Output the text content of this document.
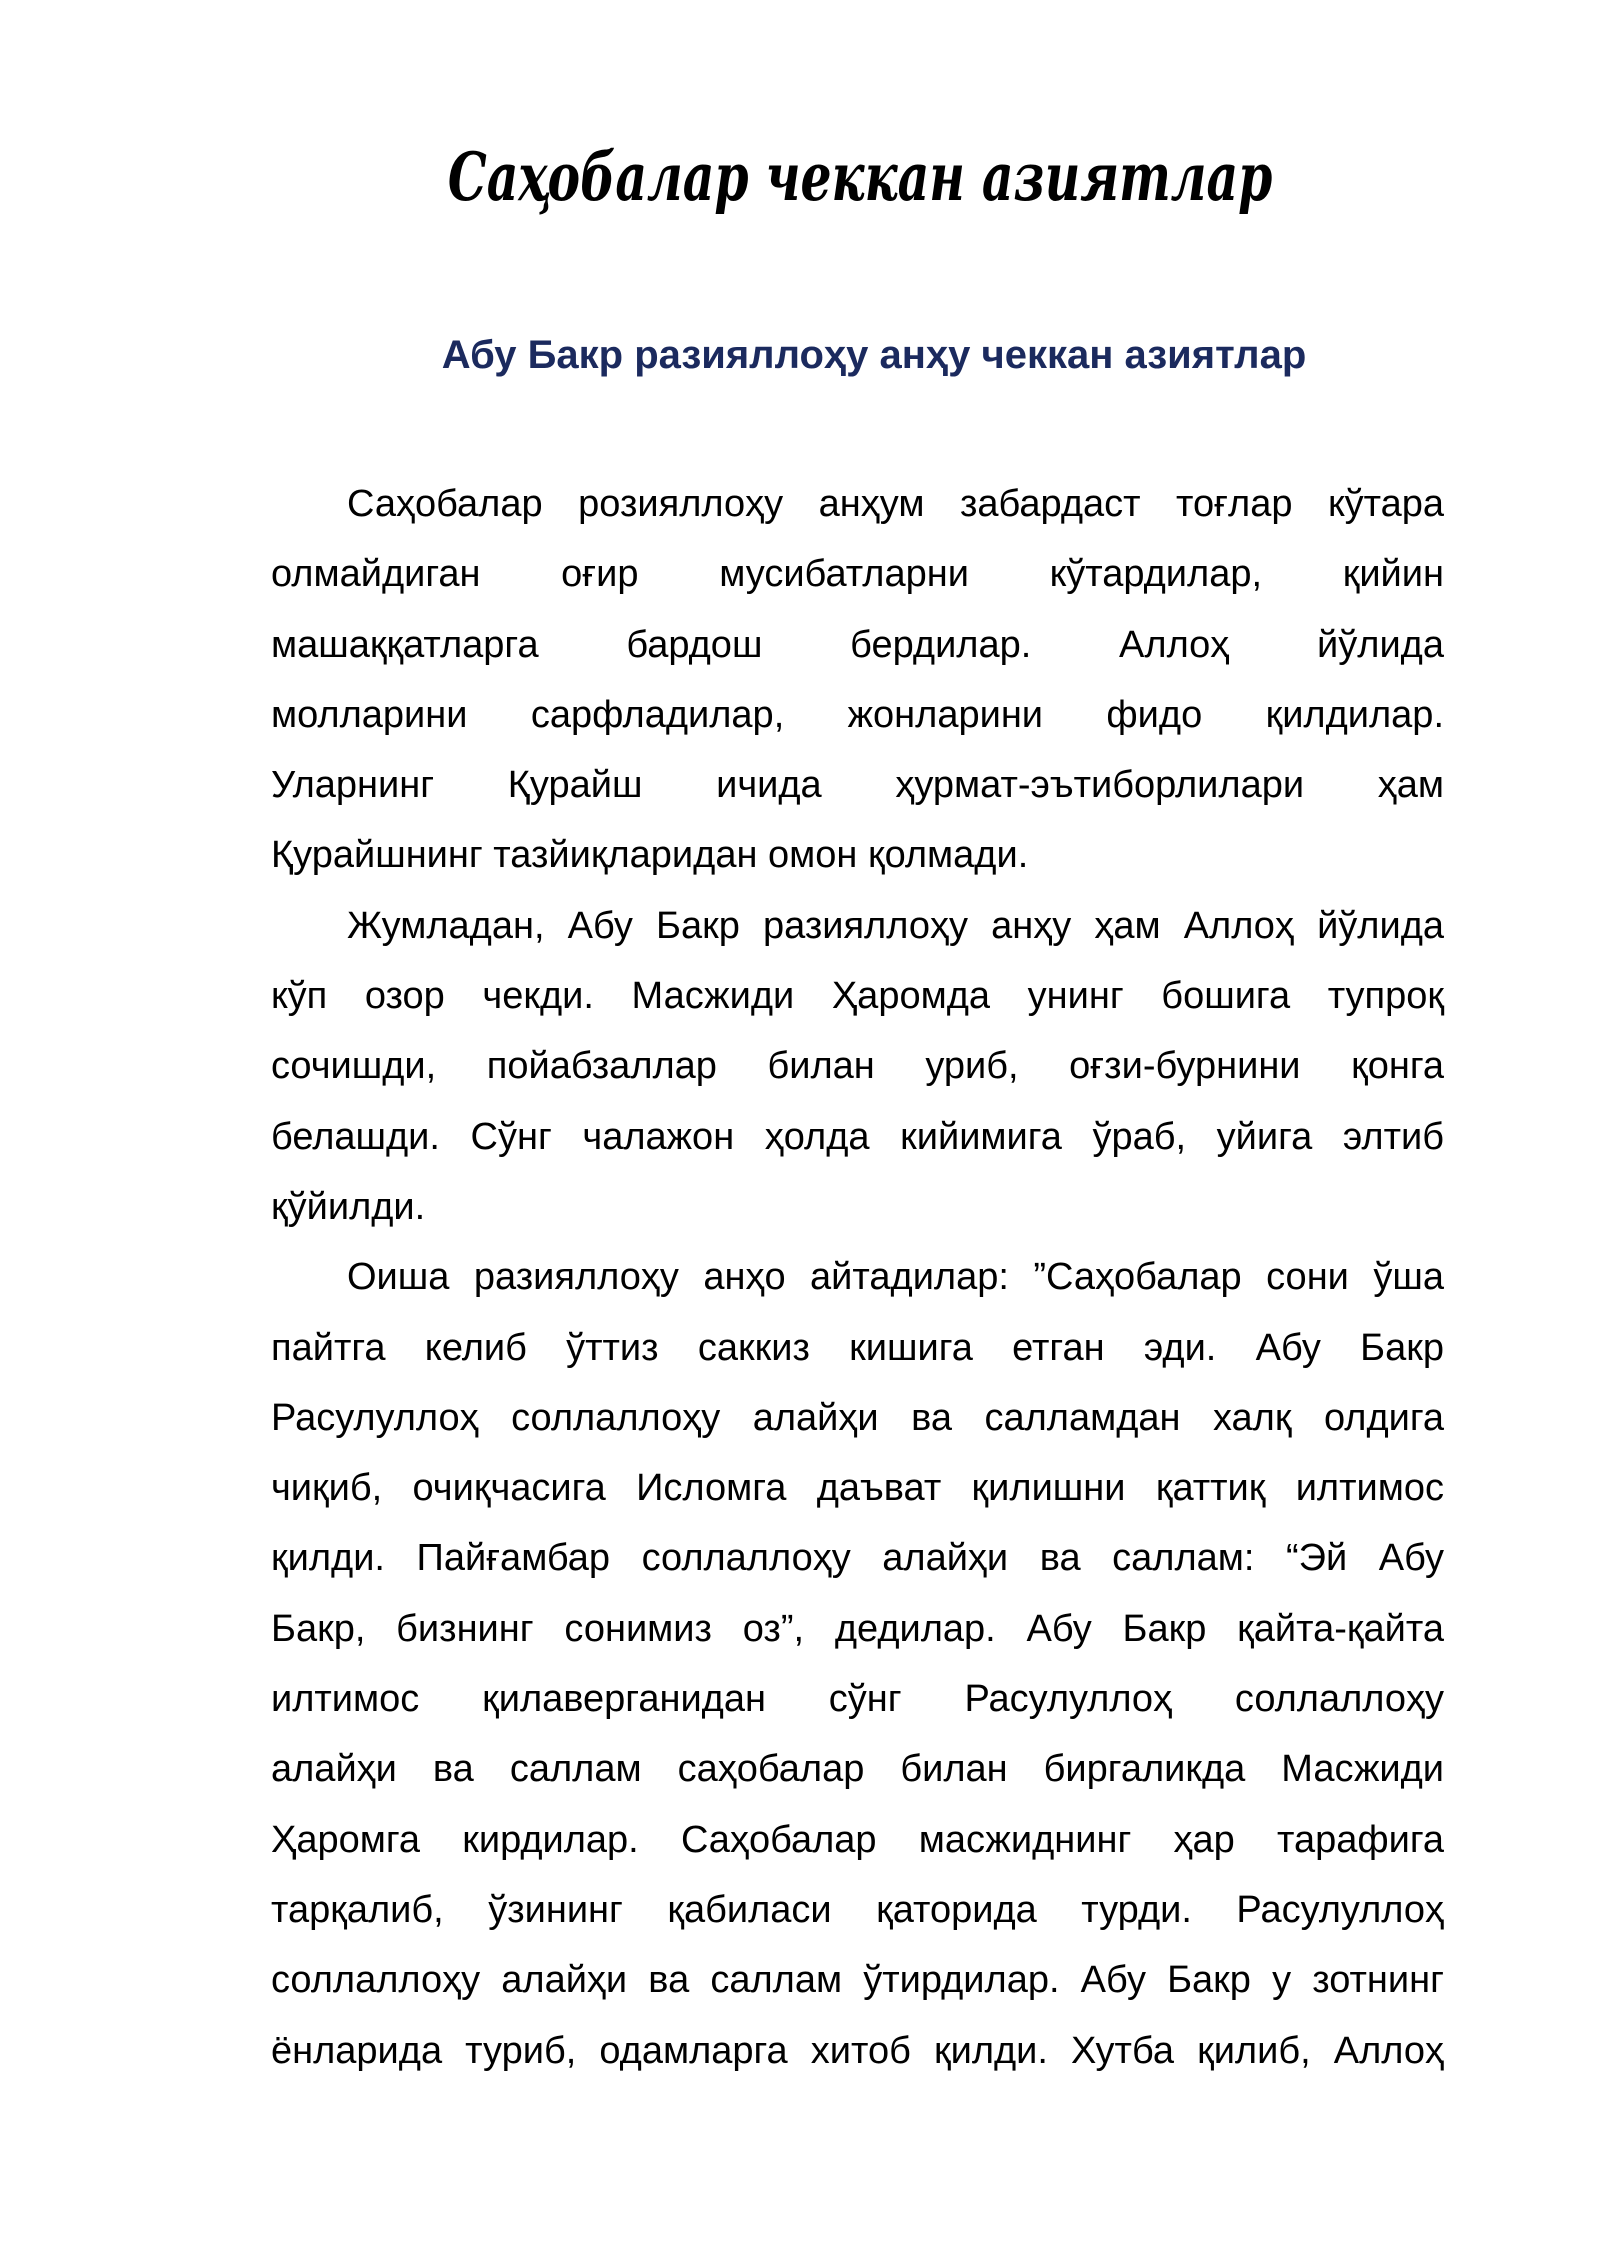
Саҳобалар чеккан азиятлар
Абу Бакр разияллоҳу анҳу чеккан азиятлар

Саҳобалар розияллоҳу анҳум забардаст тоғлар кўтара
олмайдиган оғир мусибатларни кўтардилар, қийин
машаққатларга бардош бердилар. Аллоҳ йўлида
молларини сарфладилар, жонларини фидо қилдилар.
Уларнинг Қурайш ичида ҳурмат-эътиборлилари ҳам
Қурайшнинг тазйиқларидан омон қолмади.

Жумладан, Абу Бакр разияллоҳу анҳу ҳам Аллоҳ йўлида
кўп озор чекди. Масжиди Ҳаромда унинг бошига тупроқ
сочишди, пойабзаллар билан уриб, оғзи-бурнини қонга
белашди. Сўнг чалажон ҳолда кийимига ўраб, уйига элтиб
қўйилди.

Оиша разияллоҳу анҳо айтадилар: ”Саҳобалар сони ўша
пайтга келиб ўттиз саккиз кишига етган эди. Абу Бакр
Расулуллоҳ соллаллоҳу алайҳи ва салламдан халқ олдига
чиқиб, очиқчасига Исломга даъват қилишни қаттиқ илтимос
қилди. Пайғамбар соллаллоҳу алайҳи ва саллам: “Эй Абу
Бакр, бизнинг сонимиз оз”, дедилар. Абу Бакр қайта-қайта
илтимос қилаверганидан сўнг Расулуллоҳ соллаллоҳу
алайҳи ва саллам саҳобалар билан биргаликда Масжиди
Ҳаромга кирдилар. Саҳобалар масжиднинг ҳар тарафига
тарқалиб, ўзининг қабиласи қаторида турди. Расулуллоҳ
соллаллоҳу алайҳи ва саллам ўтирдилар. Абу Бакр у зотнинг
ёнларида туриб, одамларга хитоб қилди. Хутба қилиб, Аллоҳ
